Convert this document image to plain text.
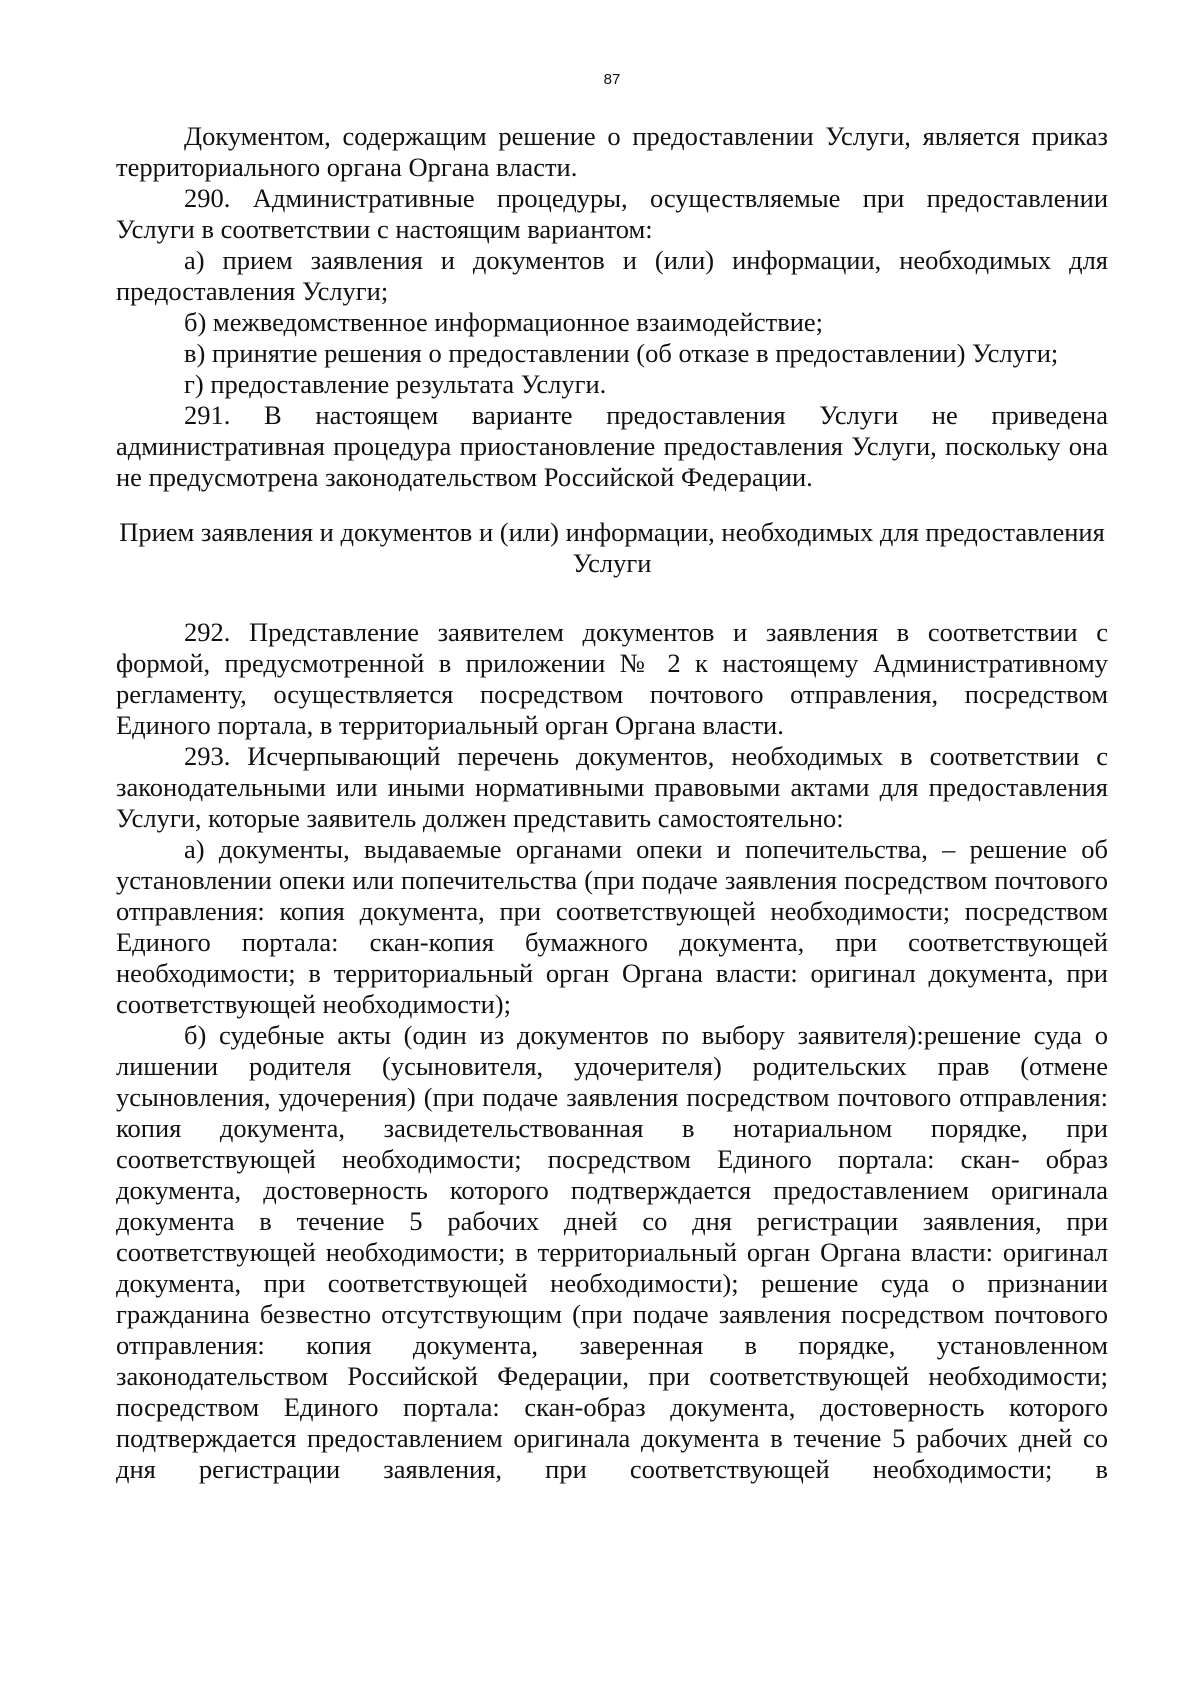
87

Документом, содержащим решение о предоставлении Услуги, является приказ территориального органа Органа власти.

290. Административные процедуры, осуществляемые при предоставлении Услуги в соответствии с настоящим вариантом:

а) прием заявления и документов и (или) информации, необходимых для предоставления Услуги;

б) межведомственное информационное взаимодействие;

в) принятие решения о предоставлении (об отказе в предоставлении) Услуги;

г) предоставление результата Услуги.

291. В настоящем варианте предоставления Услуги не приведена административная процедура приостановление предоставления Услуги, поскольку она не предусмотрена законодательством Российской Федерации.

Прием заявления и документов и (или) информации, необходимых для предоставления Услуги

292. Представление заявителем документов и заявления в соответствии с формой, предусмотренной в приложении № 2 к настоящему Административному регламенту, осуществляется посредством почтового отправления, посредством Единого портала, в территориальный орган Органа власти.

293. Исчерпывающий перечень документов, необходимых в соответствии с законодательными или иными нормативными правовыми актами для предоставления Услуги, которые заявитель должен представить самостоятельно:

а) документы, выдаваемые органами опеки и попечительства, – решение об установлении опеки или попечительства (при подаче заявления посредством почтового отправления: копия документа, при соответствующей необходимости; посредством Единого портала: скан-копия бумажного документа, при соответствующей необходимости; в территориальный орган Органа власти: оригинал документа, при соответствующей необходимости);

б) судебные акты (один из документов по выбору заявителя):решение суда о лишении родителя (усыновителя, удочерителя) родительских прав (отмене усыновления, удочерения) (при подаче заявления посредством почтового отправления: копия документа, засвидетельствованная в нотариальном порядке, при соответствующей необходимости; посредством Единого портала: скан- образ документа, достоверность которого подтверждается предоставлением оригинала документа в течение 5 рабочих дней со дня регистрации заявления, при соответствующей необходимости; в территориальный орган Органа власти: оригинал документа, при соответствующей необходимости); решение суда о признании гражданина безвестно отсутствующим (при подаче заявления посредством почтового отправления: копия документа, заверенная в порядке, установленном законодательством Российской Федерации, при соответствующей необходимости; посредством Единого портала: скан-образ документа, достоверность которого подтверждается предоставлением оригинала документа в течение 5 рабочих дней со дня регистрации заявления, при соответствующей необходимости; в
